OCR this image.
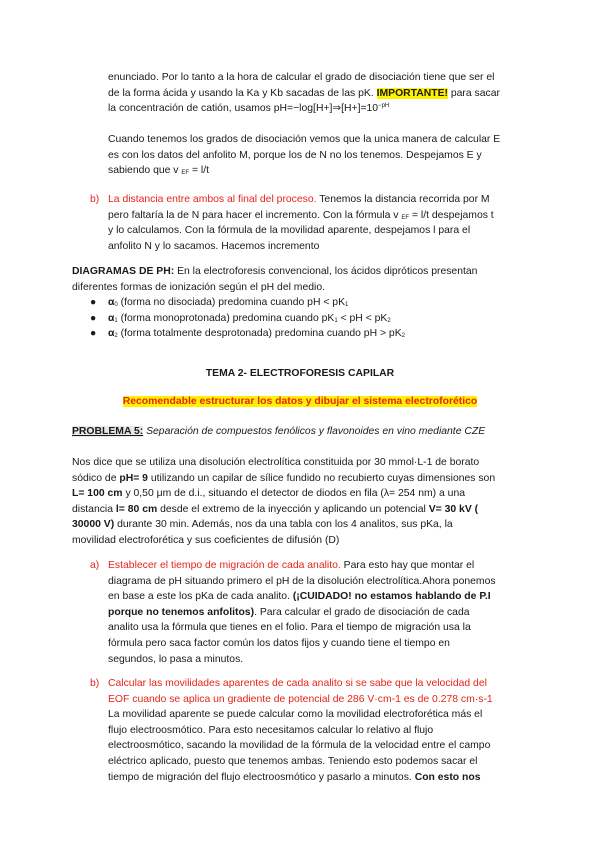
enunciado. Por lo tanto a la hora de calcular el grado de disociación tiene que ser el

de la forma ácida y usando la Ka y Kb sacadas de las pK. IMPORTANTE! para sacar

la concentración de catión, usamos $pH=-\log[H+]\Rightarrow[H+]=10^{-pH}$

Cuando tenemos los grados de disociación vemos que la unica manera de calcular E

es con los datos del anfolito M, porque los de N no los tenemos. Despejamos E y

sabiendo que v $_{EF}$ = l/t

b) La distancia entre ambos al final del proceso. Tenemos la distancia recorrida por M

pero faltaría la de N para hacer el incremento. Con la fórmula v $_{EF}$ = l/t despejamos t

y lo calculamos. Con la fórmula de la movilidad aparente, despejamos l para el

anfolito N y lo sacamos. Hacemos incremento

DIAGRAMAS DE PH: En la electroforesis convencional, los ácidos dipróticos presentan

diferentes formas de ionización según el pH del medio.

● $\alpha_0$ (forma no disociada) predomina cuando pH < $pK_1$
● $\alpha_1$ (forma monoprotonada) predomina cuando $pK_1$ < pH < $pK_2$
● $\alpha_2$ (forma totalmente desprotonada) predomina cuando pH > $pK_2$

TEMA 2- ELECTROFORESIS CAPILAR

Recomendable estructurar los datos y dibujar el sistema electroforético

PROBLEMA 5: Separación de compuestos fenólicos y flavonoides en vino mediante CZE

Nos dice que se utiliza una disolución electrolítica constituida por 30 mmol·L-1 de borato

sódico de pH= 9 utilizando un capilar de sílice fundido no recubierto cuyas dimensiones son

L= 100 cm y 0,50 μm de d.i., situando el detector de diodos en fila (λ= 254 nm) a una

distancia l= 80 cm desde el extremo de la inyección y aplicando un potencial V= 30 kV (

30000 V) durante 30 min. Además, nos da una tabla con los 4 analitos, sus pKa, la

movilidad electroforética y sus coeficientes de difusión (D)

a) Establecer el tiempo de migración de cada analito. Para esto hay que montar el

diagrama de pH situando primero el pH de la disolución electrolítica.Ahora ponemos

en base a este los pKa de cada analito. (¡CUIDADO! no estamos hablando de P.I

porque no tenemos anfolitos). Para calcular el grado de disociación de cada

analito usa la fórmula que tienes en el folio. Para el tiempo de migración usa la

fórmula pero saca factor común los datos fijos y cuando tiene el tiempo en

segundos, lo pasa a minutos.

b) Calcular las movilidades aparentes de cada analito si se sabe que la velocidad del

EOF cuando se aplica un gradiente de potencial de 286 V·cm-1 es de 0.278 cm·s-1

La movilidad aparente se puede calcular como la movilidad electroforética más el

flujo electroosmótico. Para esto necesitamos calcular lo relativo al flujo

electroosmótico, sacando la movilidad de la fórmula de la velocidad entre el campo

eléctrico aplicado, puesto que tenemos ambas. Teniendo esto podemos sacar el

tiempo de migración del flujo electroosmótico y pasarlo a minutos. Con esto nos
